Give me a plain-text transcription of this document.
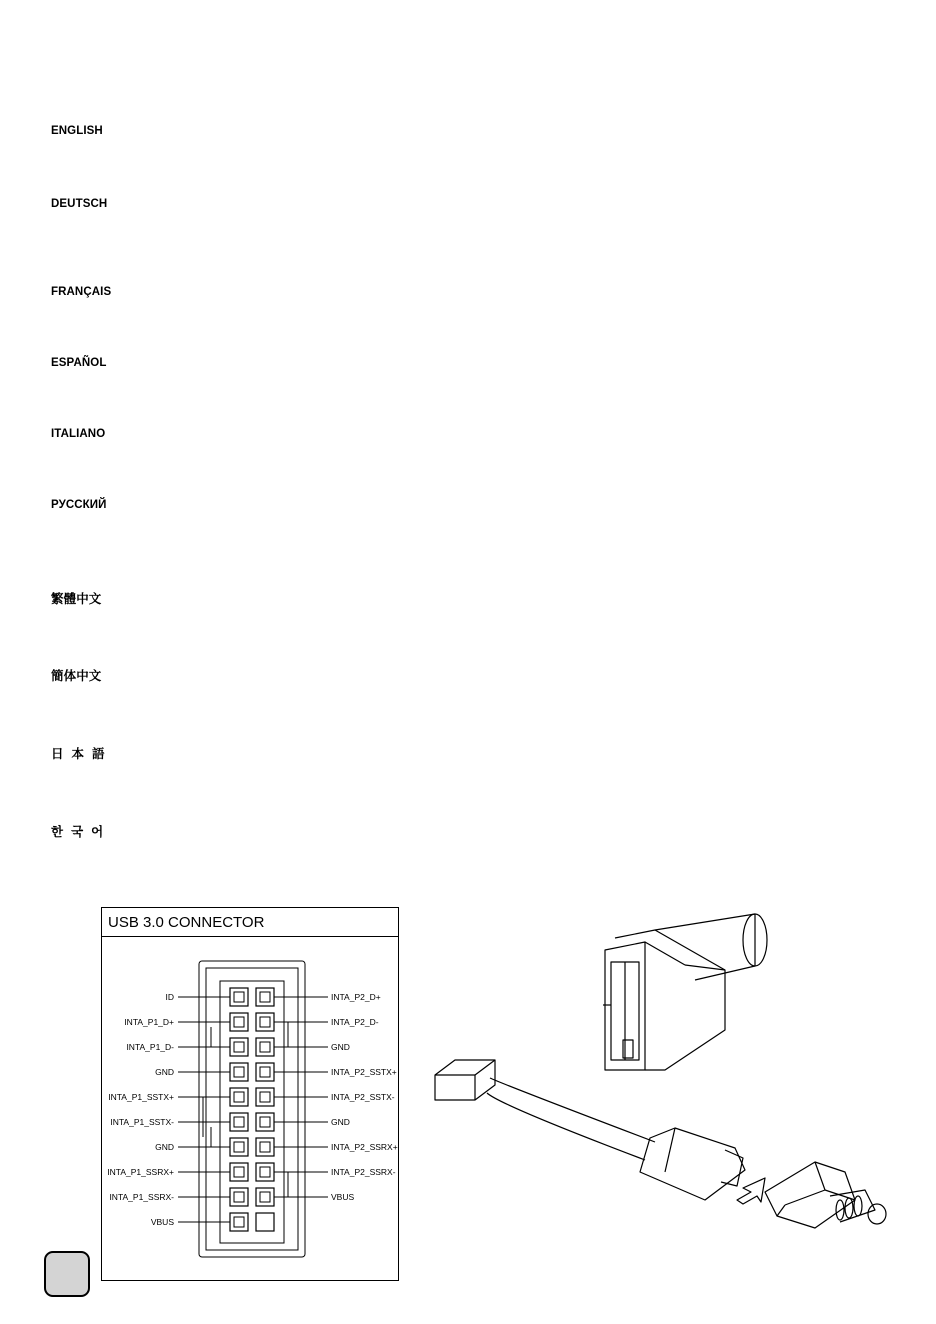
ENGLISH
DEUTSCH
FRANÇAIS
ESPAÑOL
ITALIANO
РУССКИЙ
繁體中文
簡体中文
日本語
한국어
USB 3.0 CONNECTOR
ID
INTA_P1_D+
INTA_P1_D-
GND
INTA_P1_SSTX+
INTA_P1_SSTX-
GND
INTA_P1_SSRX+
INTA_P1_SSRX-
VBUS
INTA_P2_D+
INTA_P2_D-
GND
INTA_P2_SSTX+
INTA_P2_SSTX-
GND
INTA_P2_SSRX+
INTA_P2_SSRX-
VBUS
